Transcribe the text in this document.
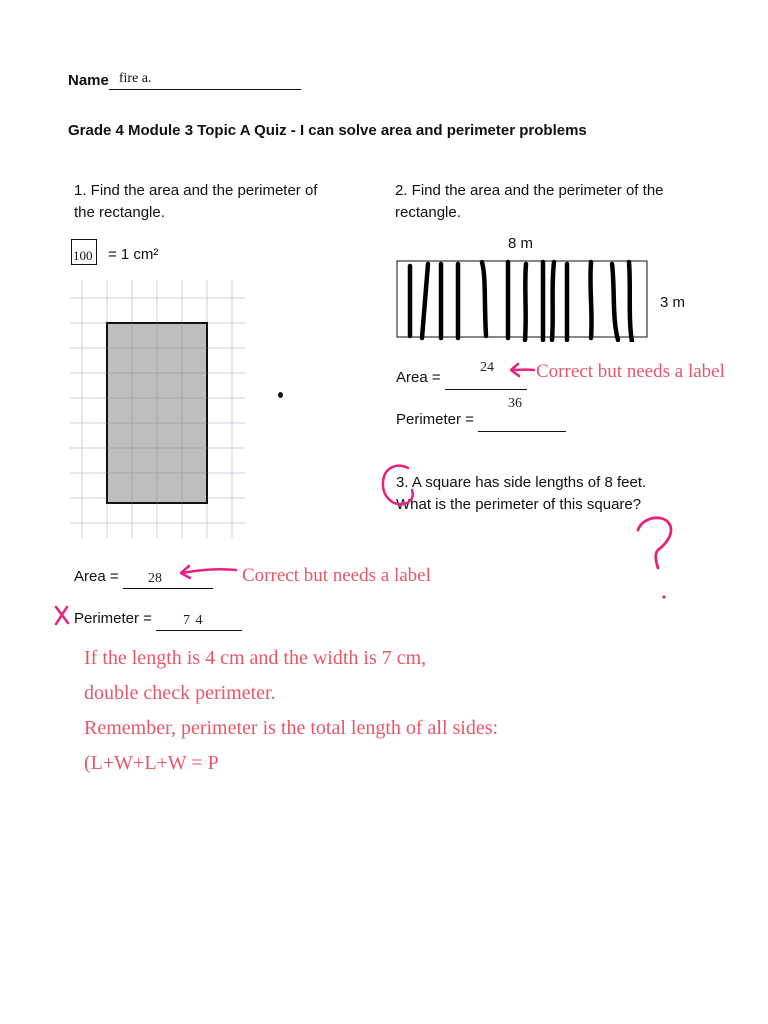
Name fire a.

Grade 4 Module 3 Topic A Quiz - I can solve area and perimeter problems
1. Find the area and the perimeter of
the rectangle.
100 = 1 cm²
Area =	28	Correct but needs a label
Perimeter =	7 4
If the length is 4 cm and the width is 7 cm,
double check perimeter.
Remember, perimeter is the total length of all sides:
(L+W+L+W = P
2. Find the area and the perimeter of the
rectangle.
8 m
3 m
Area =
24 Correct but needs a label
Perimeter =
36
3. A square has side lengths of 8 feet.
What is the perimeter of this square?
